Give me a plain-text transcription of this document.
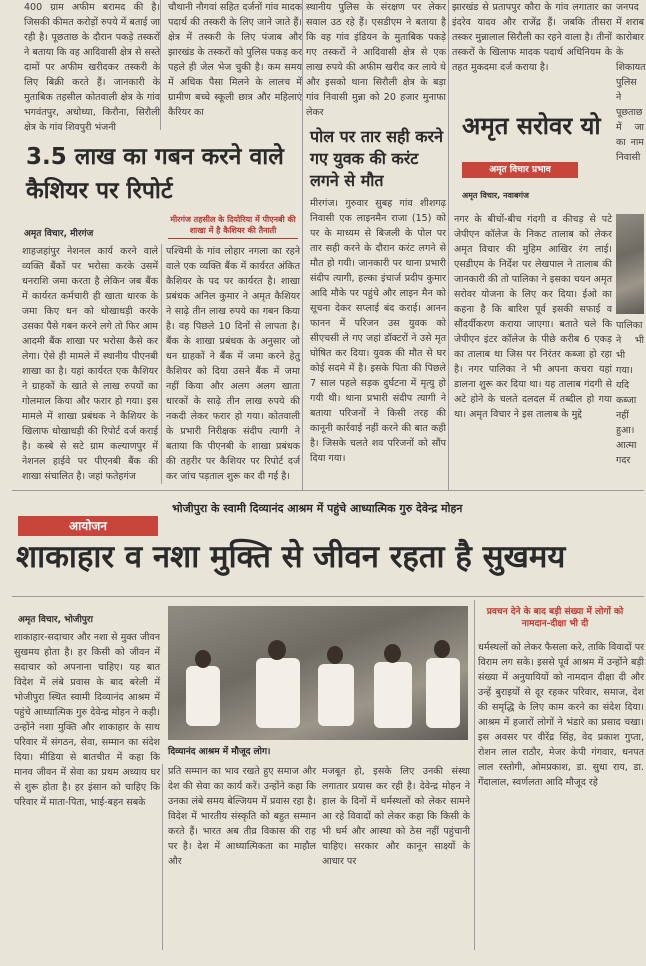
400 ग्राम अफीम बरामद की है। जिसकी कीमत करोड़ों रुपये में बताई जा रही है। पूछताछ के दौरान पकड़े तस्करों ने बताया कि वह आदिवासी क्षेत्र से सस्ते दामों पर अफीम खरीदकर तस्करी के लिए बिक्री करते हैं। जानकारी के मुताबिक तहसील कोतवाली क्षेत्र के गांव भगवंतपुर, अधोध्या, किरौना, सिरौली क्षेत्र के गांव शिवपुरी भंजनी
चौथानी नौगवां सहित दर्जनों गांव मादक पदार्थ की तस्करी के लिए जाने जाते हैं। क्षेत्र में तस्करी के लिए पंजाब और झारखंड के तस्करों को पुलिस पकड़ कर पहले ही जेल भेज चुकी है। कम समय में अधिक पैसा मिलने के लालच में ग्रामीण बच्चे स्कूली छात्र और महिलाएं कैरियर का
स्थानीय पुलिस के संरक्षण पर लेकर सवाल उठ रहे हैं। एसडीएम ने बताया है कि वह गांव इंडियन के मुताबिक पकड़े गए तस्करों ने आदिवासी क्षेत्र से एक लाख रुपये की अफीम खरीद कर लाये थे और इसको थाना सिरौली क्षेत्र के बड़ा गांव निवासी मुन्ना को 20 हजार मुनाफा लेकर
झारखंड से प्रतापपुर कौरा के गांव लगातार का इंदरेव यादव और राजेंद्र हैं। जबकि तीसरा तस्कर मुन्नालाल सिरौली का रहने वाला है। तीनों तस्करों के खिलाफ मादक पदार्थ अधिनियम के तहत मुकदमा दर्ज कराया है।
जनपद में शराब कारोबार के शिकायत पुलिस ने पूछताछ में जा का नाम निवासी
3.5 लाख का गबन करने वाले कैशियर पर रिपोर्ट
अमृत विचार, मीरगंज
मीरगंज तहसील के दियोरिया में पीएनबी की शाखा में है कैशियर की तैनाती
शाहजहांपुर नेशनल कार्य करने वाले व्यक्ति बैंकों पर भरोसा करके उसमें धनराशि जमा करता है लेकिन जब बैंक में कार्यरत कर्मचारी ही खाता धारक के जमा किए धन को धोखाधड़ी करके उसका पैसे गबन करने लगे तो फिर आम आदमी बैंक शाखा पर भरोसा कैसे कर लेगा। ऐसे ही मामले में स्थानीय पीएनबी शाखा का है। यहां कार्यरत एक कैशियर ने ग्राहकों के खाते से लाख रुपयों का गोलमाल किया और फरार हो गया। इस मामले में शाखा प्रबंधक ने कैशियर के खिलाफ धोखाधड़ी की रिपोर्ट दर्ज कराई है। कस्बे से सटे ग्राम कल्याणपुर में नेशनल हाईवे पर पीएनबी बैंक की शाखा संचालित है। जहां फतेहगंज
पश्चिमी के गांव लोहार नगला का रहने वाले एक व्यक्ति बैंक में कार्यरत अंकित कैशियर के पद पर कार्यरत है। शाखा प्रबंधक अनिल कुमार ने अमृत कैशियर ने साढ़े तीन लाख रुपये का गबन किया है। वह पिछले 10 दिनों से लापता है। बैंक के शाखा प्रबंधक के अनुसार जो धन ग्राहकों ने बैंक में जमा करने हेतु कैशियर को दिया उसने बैंक में जमा नहीं किया और अलग अलग खाता धारकों के साढ़े तीन लाख रुपये की नकदी लेकर फरार हो गया। कोतवाली के प्रभारी निरीक्षक संदीप त्यागी ने बताया कि पीएनबी के शाखा प्रबंधक की तहरीर पर कैशियर पर रिपोर्ट दर्ज कर जांच पड़ताल शुरू कर दी गई है।
पोल पर तार सही करने गए युवक की करंट लगने से मौत
मीरगंज। गुरुवार सुबह गांव शीशगढ़ निवासी एक लाइनमैन राजा (15) को पर के माध्यम से बिजली के पोल पर तार सही करने के दौरान करंट लगने से मौत हो गयी। जानकारी पर थाना प्रभारी संदीप त्यागी, हल्का इंचार्ज प्रदीप कुमार आदि मौके पर पहुंचे और लाइन मैन को सूचना देकर सप्लाई बंद कराई। आनन फानन में परिजन उस युवक को सीएचसी ले गए जहां डॉक्टरों ने उसे मृत घोषित कर दिया। युवक की मौत से घर कोई सदमे में है। इसके पिता की पिछले 7 साल पहले सड़क दुर्घटना में मृत्यु हो गयी थी। थाना प्रभारी संदीप त्यागी ने बताया परिजनों ने किसी तरह की कानूनी कार्रवाई नहीं करने की बात कही है। जिसके चलते शव परिजनों को सौंप दिया गया।
अमृत सरोवर यो
अमृत विचार प्रभाव
अमृत विचार, नवाबगंज
नगर के बीचों-बीच गंदगी व कीचड़ से पटे जेपीएन कॉलेज के निकट तालाब को लेकर अमृत विचार की मुहिम आखिर रंग लाई। एसडीएम के निर्देश पर लेखपाल ने तालाब की जानकारी की तो पालिका ने इसका चयन अमृत सरोवर योजना के लिए कर दिया। ईओ का कहना है कि बारिश पूर्व इसकी सफाई व सौंदर्यीकरण कराया जाएगा। बताते चले कि जेपीएन इंटर कॉलेज के पीछे करीब 6 एकड़ का तालाब था जिस पर निरंतर कब्जा हो रहा है। नगर पालिका ने भी अपना कचरा यहां डालना शुरू कर दिया था। यह तालाब गंदगी से अटे होने के चलते दलदल में तब्दील हो गया था। अमृत विचार ने इस तालाब के मुद्दे
पालिका ने भी भी गया। यदि कब्जा नहीं हुआ। आत्मा गदर
आयोजन
भोजीपुरा के स्वामी दिव्यानंद आश्रम में पहुंचे आध्यात्मिक गुरु देवेन्द्र मोहन
शाकाहार व नशा मुक्ति से जीवन रहता है सुखमय
अमृत विचार, भोजीपुरा
शाकाहार-सदाचार और नशा से मुक्त जीवन सुखमय होता है। हर किसी को जीवन में सदाचार को अपनाना चाहिए। यह बात विदेश में लंबे प्रवास के बाद बरेली में भोजीपुरा स्थित स्वामी दिव्यानंद आश्रम में पहुंचे आध्यात्मिक गुरु देवेन्द्र मोहन ने कही। उन्होंने नशा मुक्ति और शाकाहार के साथ परिवार में संगठन, सेवा, सम्मान का संदेश दिया। मीडिया से बातचीत में कहा कि मानव जीवन में सेवा का प्रथम अध्याय घर से शुरू होता है। हर इंसान को चाहिए कि परिवार में माता-पिता, भाई-बहन सबके
दिव्यानंद आश्रम में मौजूद लोग।
प्रति सम्मान का भाव रखते हुए समाज और देश की सेवा का कार्य करें। उन्होंने कहा कि उनका लंबे समय बेल्जियम में प्रवास रहा है। विदेश में भारतीय संस्कृति को बहुत सम्मान करते हैं। भारत अब तीव्र विकास की राह पर है। देश में आध्यात्मिकता का माहौल और
मजबूत हो, इसके लिए उनकी संस्था लगातार प्रयास कर रही है। देवेन्द्र मोहन ने हाल के दिनों में धर्मस्थलों को लेकर सामने आ रहे विवादों को लेकर कहा कि किसी के भी धर्म और आस्था को ठेस नहीं पहुंचानी चाहिए। सरकार और कानून साक्ष्यों के आधार पर
प्रवचन देने के बाद बड़ी संख्या में लोगों को नामदान-दीक्षा भी दी
धर्मस्थलों को लेकर फैसला करे, ताकि विवादों पर विराम लग सके। इससे पूर्व आश्रम में उन्होंने बड़ी संख्या में अनुयायियों को नामदान दीक्षा दी और उन्हें बुराइयों से दूर रहकर परिवार, समाज, देश की समृद्धि के लिए काम करने का संदेश दिया। आश्रम में हजारों लोगों ने भंडारे का प्रसाद चखा। इस अवसर पर वीरेंद्र सिंह, वेद प्रकाश गुप्ता, रोशन लाल राठौर, मेजर केपी गंगवार, धनपत लाल रस्तोगी, ओमप्रकाश, डा. सुधा राय, डा. गेंदालाल, स्वर्णलता आदि मौजूद रहे
